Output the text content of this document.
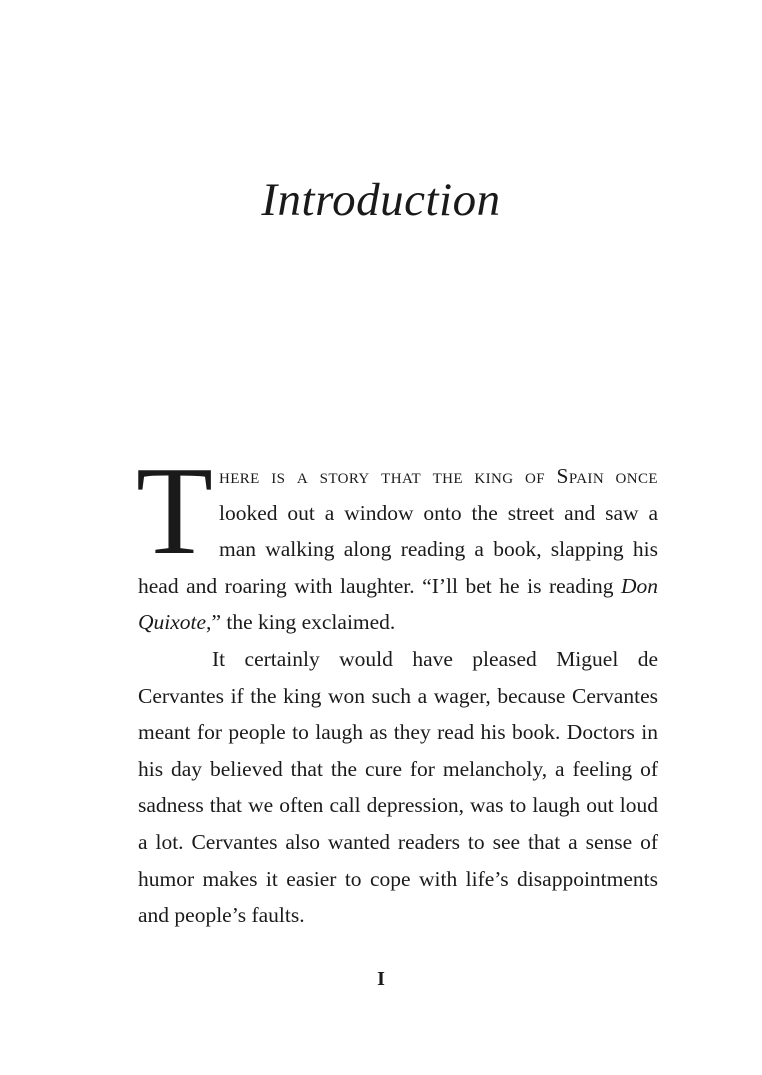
Introduction

There is a story that the king of Spain once looked out a window onto the street and saw a man walking along reading a book, slapping his head and roaring with laughter. “I’ll bet he is reading Don Quixote,” the king exclaimed.

It certainly would have pleased Miguel de Cervantes if the king won such a wager, because Cervantes meant for people to laugh as they read his book. Doctors in his day believed that the cure for melancholy, a feeling of sadness that we often call depression, was to laugh out loud a lot. Cervantes also wanted readers to see that a sense of humor makes it easier to cope with life’s disappointments and people’s faults.

I
